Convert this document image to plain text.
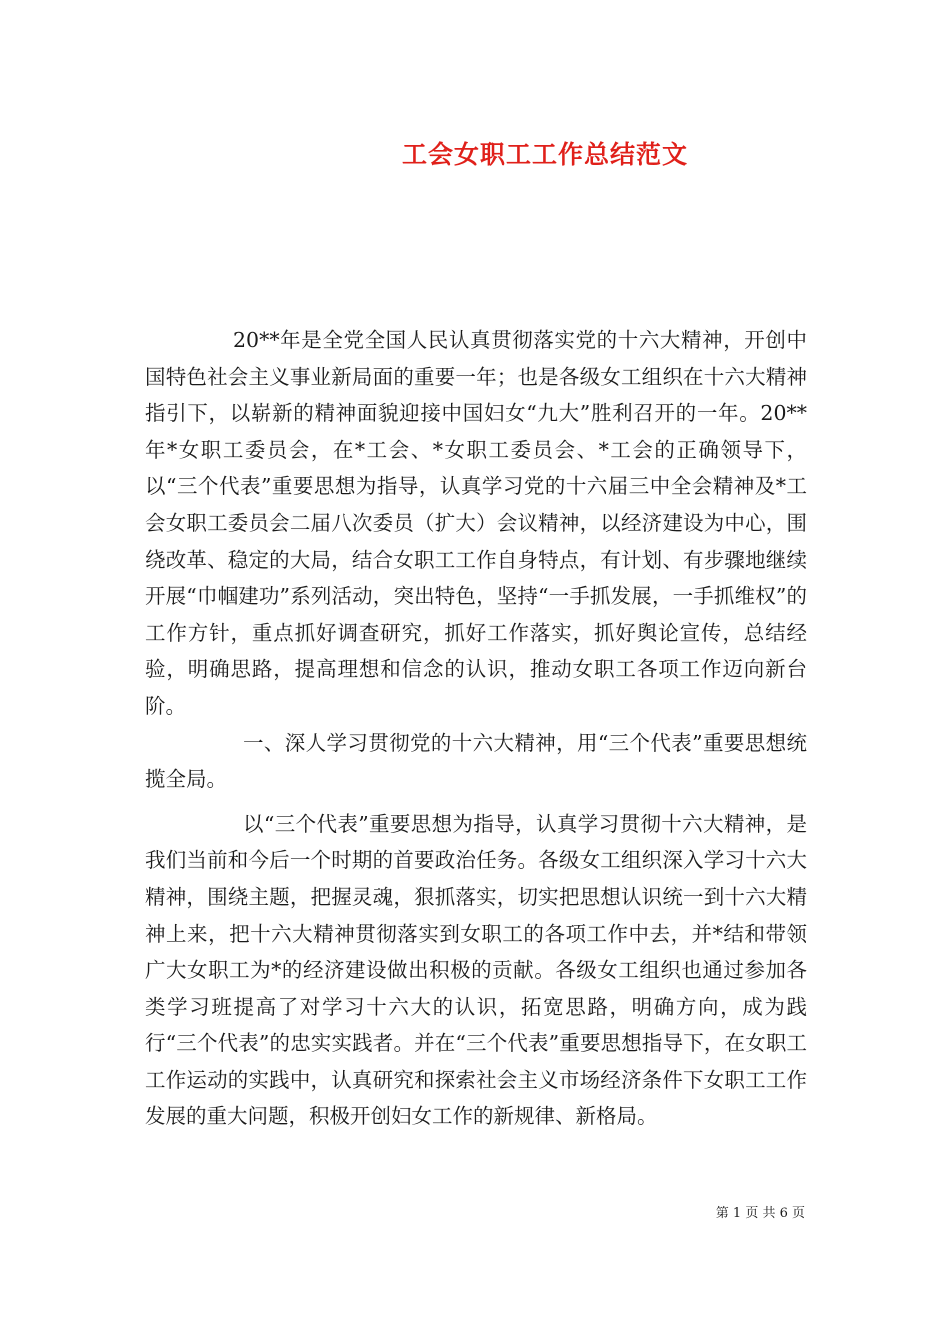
工会女职工工作总结范文

20**年是全党全国人民认真贯彻落实党的十六大精神，开创中国特色社会主义事业新局面的重要一年；也是各级女工组织在十六大精神指引下，以崭新的精神面貌迎接中国妇女“九大”胜利召开的一年。20**年*女职工委员会，在*工会、*女职工委员会、*工会的正确领导下，以“三个代表”重要思想为指导，认真学习党的十六届三中全会精神及*工会女职工委员会二届八次委员（扩大）会议精神，以经济建设为中心，围绕改革、稳定的大局，结合女职工工作自身特点，有计划、有步骤地继续开展“巾帼建功”系列活动，突出特色，坚持“一手抓发展，一手抓维权”的工作方针，重点抓好调查研究，抓好工作落实，抓好舆论宣传，总结经验，明确思路，提高理想和信念的认识，推动女职工各项工作迈向新台阶。

一、深人学习贯彻党的十六大精神，用“三个代表”重要思想统揽全局。

以“三个代表”重要思想为指导，认真学习贯彻十六大精神，是我们当前和今后一个时期的首要政治任务。各级女工组织深入学习十六大精神，围绕主题，把握灵魂，狠抓落实，切实把思想认识统一到十六大精神上来，把十六大精神贯彻落实到女职工的各项工作中去，并*结和带领广大女职工为*的经济建设做出积极的贡献。各级女工组织也通过参加各类学习班提高了对学习十六大的认识，拓宽思路，明确方向，成为践行“三个代表”的忠实实践者。并在“三个代表”重要思想指导下，在女职工工作运动的实践中，认真研究和探索社会主义市场经济条件下女职工工作发展的重大问题，积极开创妇女工作的新规律、新格局。

第 1 页 共 6 页
